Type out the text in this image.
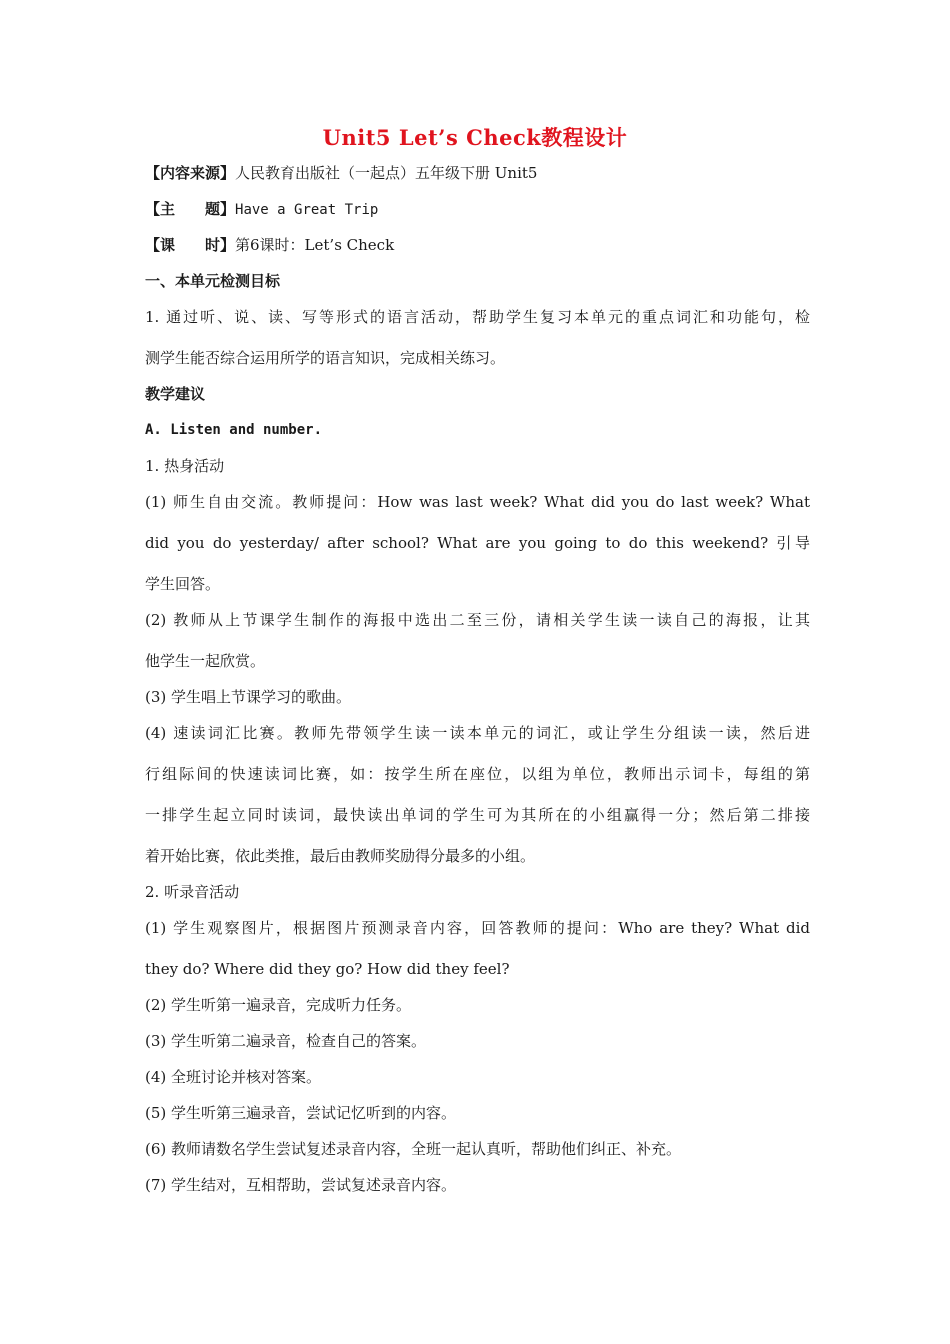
Unit5 Let’s Check教程设计
【内容来源】人民教育出版社（一起点）五年级下册 Unit5
【主　　题】Have a Great Trip
【课　　时】第6课时：Let’s Check
一、本单元检测目标
1. 通过听、说、读、写等形式的语言活动，帮助学生复习本单元的重点词汇和功能句，检
测学生能否综合运用所学的语言知识，完成相关练习。
教学建议
A. Listen and number.
1. 热身活动
(1) 师生自由交流。教师提问：How was last week? What did you do last week? What
did you do yesterday/ after school? What are you going to do this weekend? 引导
学生回答。
(2) 教师从上节课学生制作的海报中选出二至三份，请相关学生读一读自己的海报，让其
他学生一起欣赏。
(3) 学生唱上节课学习的歌曲。
(4) 速读词汇比赛。教师先带领学生读一读本单元的词汇，或让学生分组读一读，然后进
行组际间的快速读词比赛，如：按学生所在座位，以组为单位，教师出示词卡，每组的第
一排学生起立同时读词，最快读出单词的学生可为其所在的小组赢得一分；然后第二排接
着开始比赛，依此类推，最后由教师奖励得分最多的小组。
2. 听录音活动
(1) 学生观察图片，根据图片预测录音内容，回答教师的提问：Who are they? What did
they do? Where did they go? How did they feel?
(2) 学生听第一遍录音，完成听力任务。
(3) 学生听第二遍录音，检查自己的答案。
(4) 全班讨论并核对答案。
(5) 学生听第三遍录音，尝试记忆听到的内容。
(6) 教师请数名学生尝试复述录音内容，全班一起认真听，帮助他们纠正、补充。
(7) 学生结对，互相帮助，尝试复述录音内容。
